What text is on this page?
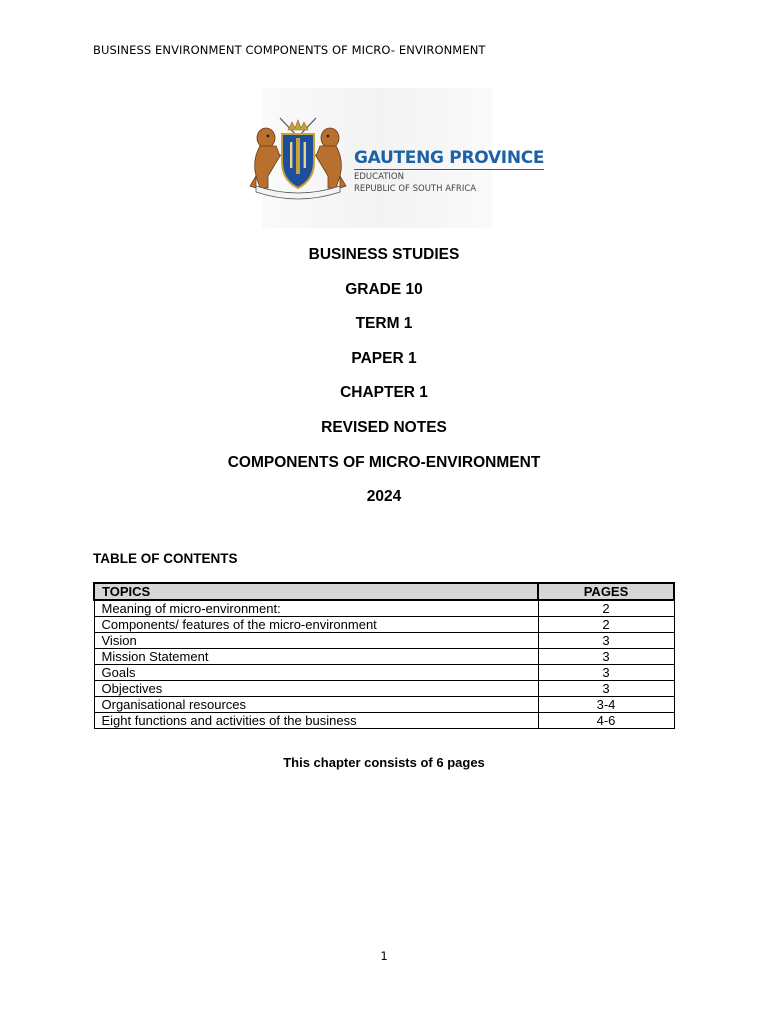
BUSINESS ENVIRONMENT COMPONENTS OF MICRO- ENVIRONMENT
GAUTENG PROVINCE
EDUCATION
REPUBLIC OF SOUTH AFRICA
BUSINESS STUDIES
GRADE 10
TERM 1
PAPER 1
CHAPTER 1
REVISED NOTES
COMPONENTS OF MICRO-ENVIRONMENT
2024
TABLE OF CONTENTS
TOPICS	PAGES
Meaning of micro-environment:	2
Components/ features of the micro-environment	2
Vision	3
Mission Statement	3
Goals	3
Objectives	3
Organisational resources	3-4
Eight functions and activities of the business	4-6
This chapter consists of 6 pages
1
